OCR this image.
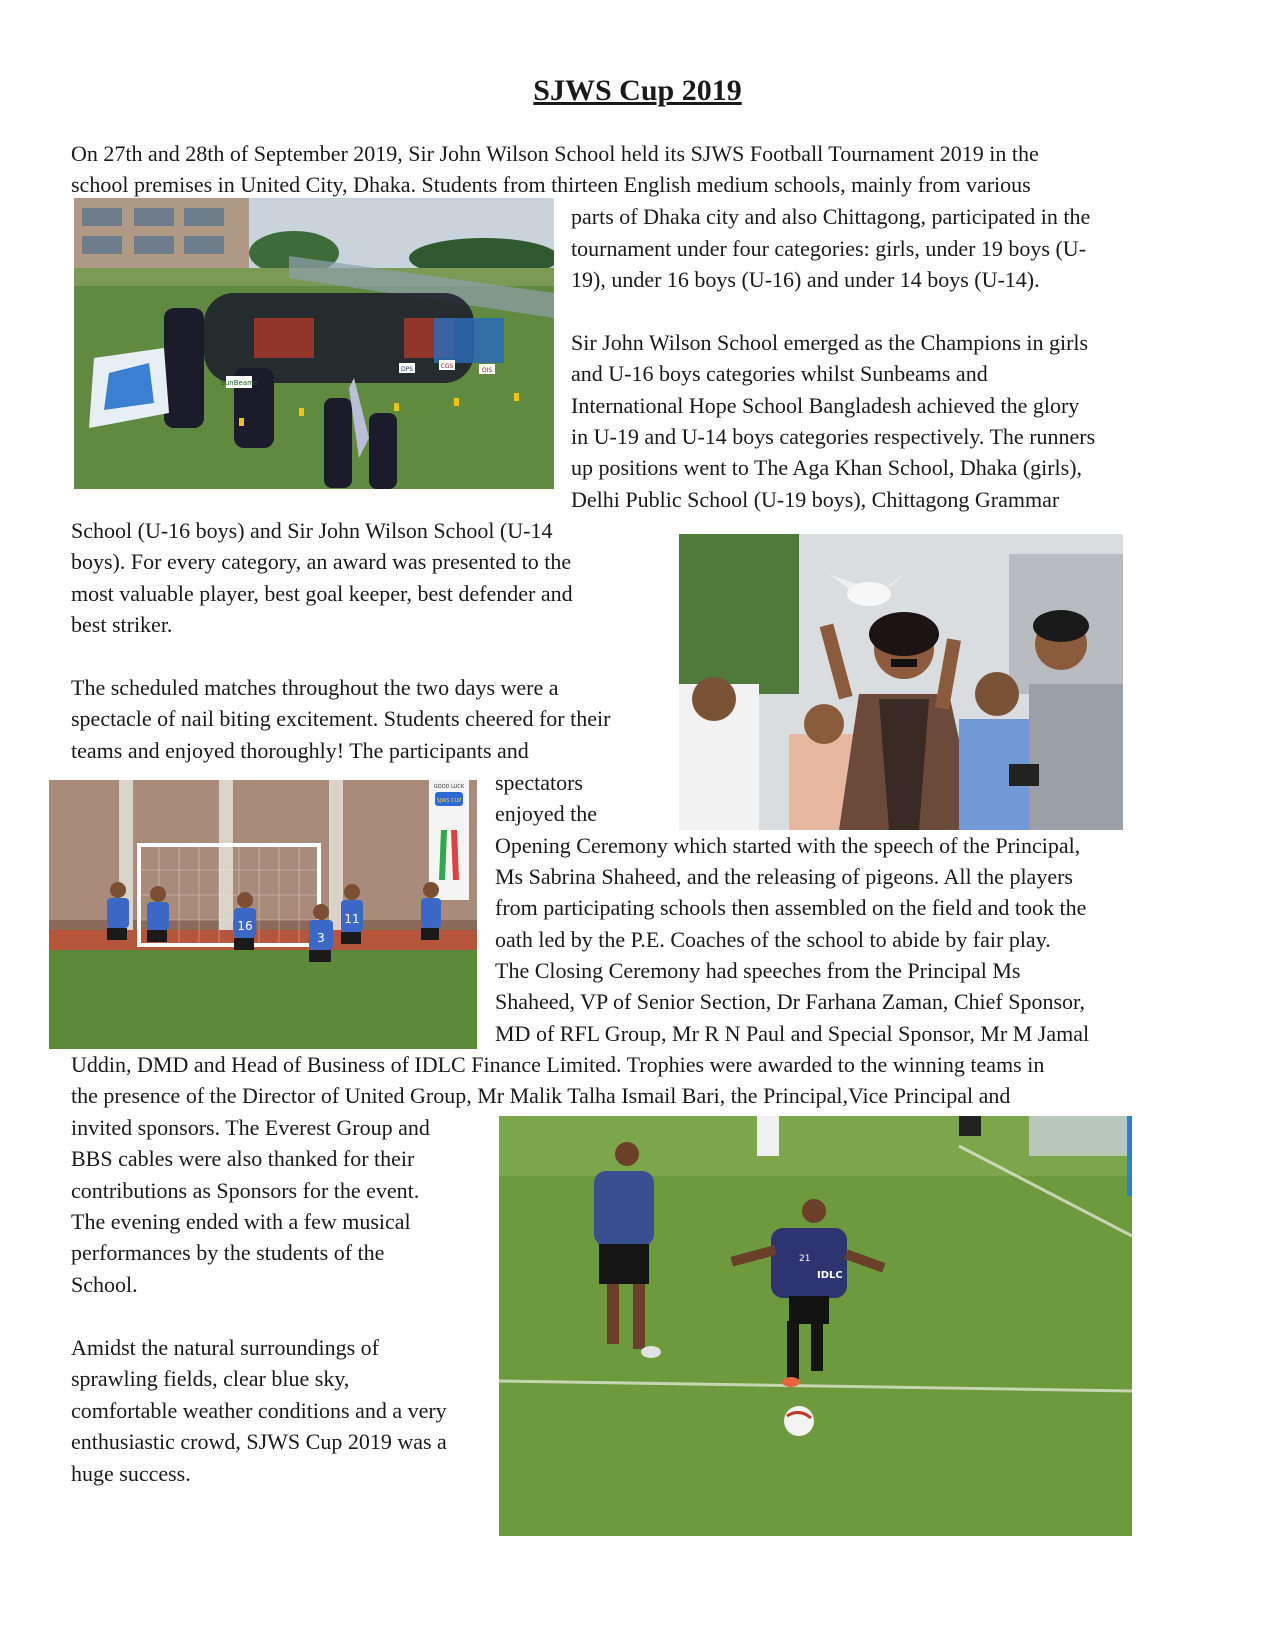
SJWS Cup 2019
On 27th and 28th of September 2019, Sir John Wilson School held its SJWS Football Tournament 2019 in the
school premises in United City, Dhaka. Students from thirteen English medium schools, mainly from various
parts of Dhaka city and also Chittagong, participated in the
tournament under four categories: girls, under 19 boys (U-
19), under 16 boys (U-16) and under 14 boys (U-14).
Sir John Wilson School emerged as the Champions in girls
and U-16 boys categories whilst Sunbeams and
International Hope School Bangladesh achieved the glory
in U-19 and U-14 boys categories respectively. The runners
up positions went to The Aga Khan School, Dhaka (girls),
Delhi Public School (U-19 boys), Chittagong Grammar
School (U-16 boys) and Sir John Wilson School (U-14
boys). For every category, an award was presented to the
most valuable player, best goal keeper, best defender and
best striker.
The scheduled matches throughout the two days were a
spectacle of nail biting excitement. Students cheered for their
teams and enjoyed thoroughly! The participants and
spectators
enjoyed the
Opening Ceremony which started with the speech of the Principal,
Ms Sabrina Shaheed, and the releasing of pigeons. All the players
from participating schools then assembled on the field and took the
oath led by the P.E. Coaches of the school to abide by fair play.
The Closing Ceremony had speeches from the Principal Ms
Shaheed, VP of Senior Section, Dr Farhana Zaman, Chief Sponsor,
MD of RFL Group, Mr R N Paul and Special Sponsor, Mr M Jamal
Uddin, DMD and Head of Business of IDLC Finance Limited. Trophies were awarded to the winning teams in
the presence of the Director of United Group, Mr Malik Talha Ismail Bari, the Principal,Vice Principal and
invited sponsors. The Everest Group and
BBS cables were also thanked for their
contributions as Sponsors for the event.
The evening ended with a few musical
performances by the students of the
School.
Amidst the natural surroundings of
sprawling fields, clear blue sky,
comfortable weather conditions and a very
enthusiastic crowd, SJWS Cup 2019 was a
huge success.
SunBeams
DPS	CGS
OIS
GOOD LUCK
SJWS CUP
16
3
11
21
IDLC
